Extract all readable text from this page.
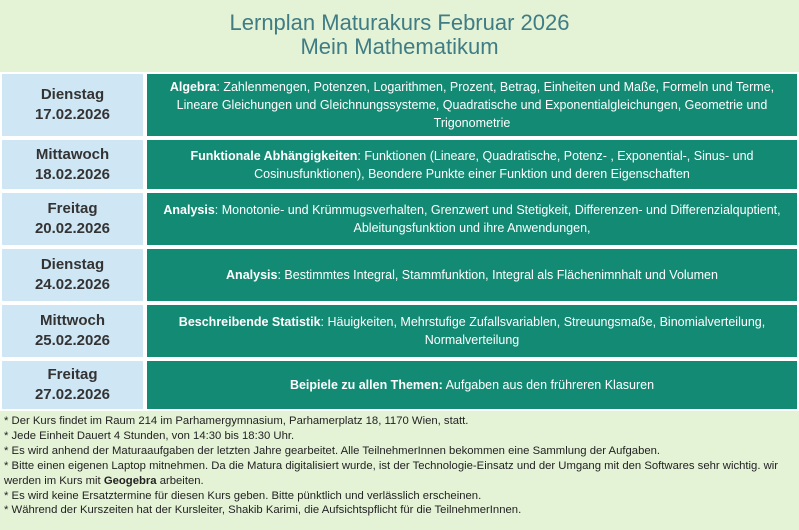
Lernplan Maturakurs Februar 2026
Mein Mathematikum
Dienstag
17.02.2026
Algebra: Zahlenmengen, Potenzen, Logarithmen, Prozent, Betrag, Einheiten und Maße, Formeln und Terme, Lineare Gleichungen und Gleichnungssysteme, Quadratische und Exponentialgleichungen, Geometrie und Trigonometrie
Mittawoch
18.02.2026
Funktionale Abhängigkeiten: Funktionen (Lineare, Quadratische, Potenz- , Exponential-, Sinus- und Cosinusfunktionen), Beondere Punkte einer Funktion und deren Eigenschaften
Freitag
20.02.2026
Analysis: Monotonie- und Krümmugsverhalten, Grenzwert und Stetigkeit, Differenzen- und Differenzialquptient, Ableitungsfunktion und ihre Anwendungen,
Dienstag
24.02.2026
Analysis: Bestimmtes Integral, Stammfunktion, Integral als Flächenimnhalt und Volumen
Mittwoch
25.02.2026
Beschreibende Statistik: Häuigkeiten, Mehrstufige Zufallsvariablen, Streuungsmaße, Binomialverteilung, Normalverteilung
Freitag
27.02.2026
Beipiele zu allen Themen: Aufgaben aus den frühreren Klasuren
* Der Kurs findet im Raum 214 im Parhamergymnasium, Parhamerplatz 18, 1170 Wien, statt.
* Jede Einheit Dauert 4 Stunden, von 14:30 bis 18:30 Uhr.
* Es wird anhend der Maturaaufgaben der letzten Jahre gearbeitet. Alle TeilnehmerInnen bekommen eine Sammlung der Aufgaben.
* Bitte einen eigenen Laptop mitnehmen. Da die Matura digitalisiert wurde, ist der Technologie-Einsatz und der Umgang mit den Softwares sehr wichtig. wir werden im Kurs mit Geogebra arbeiten.
* Es wird keine Ersatztermine für diesen Kurs geben. Bitte pünktlich und verlässlich erscheinen.
* Während der Kurszeiten hat der Kursleiter, Shakib Karimi, die Aufsichtspflicht für die TeilnehmerInnen.
